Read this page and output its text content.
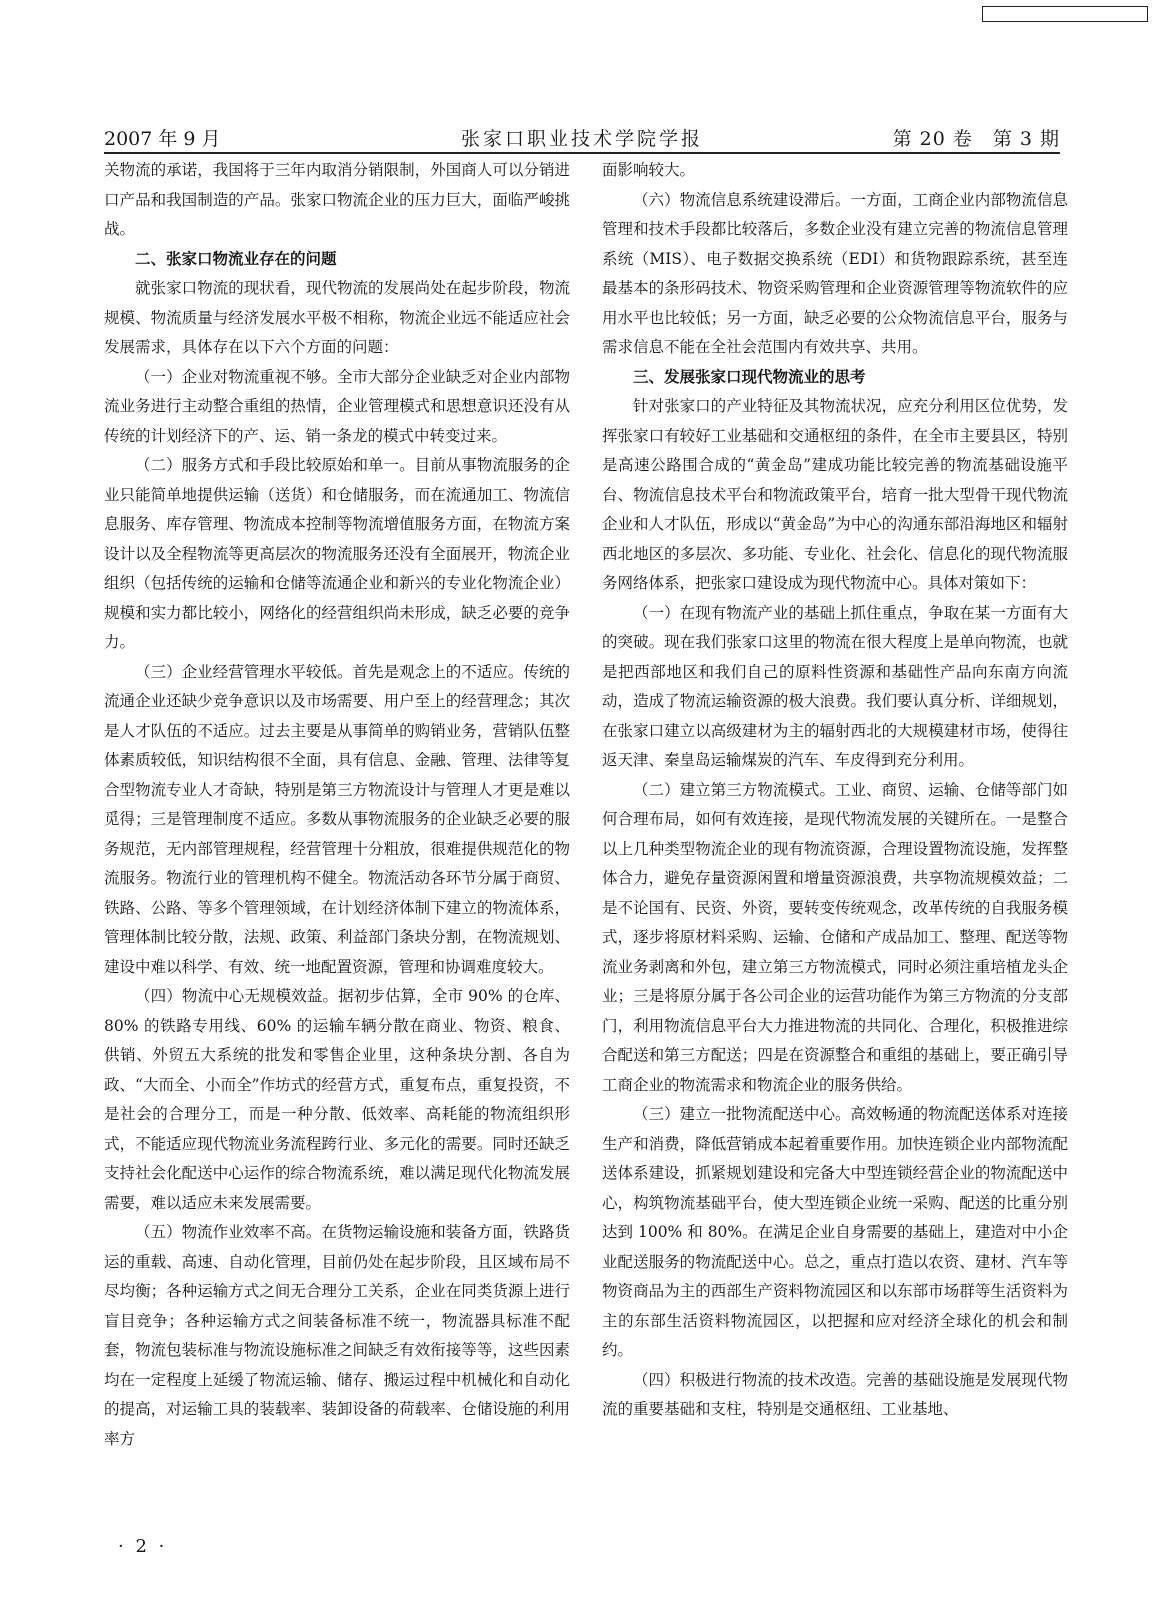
2007 年 9 月	张家口职业技术学院学报	第 20 卷　第 3 期

关物流的承诺，我国将于三年内取消分销限制，外国商人可以分销进口产品和我国制造的产品。张家口物流企业的压力巨大，面临严峻挑战。

二、张家口物流业存在的问题

就张家口物流的现状看，现代物流的发展尚处在起步阶段，物流规模、物流质量与经济发展水平极不相称，物流企业远不能适应社会发展需求，具体存在以下六个方面的问题：

（一）企业对物流重视不够。全市大部分企业缺乏对企业内部物流业务进行主动整合重组的热情，企业管理模式和思想意识还没有从传统的计划经济下的产、运、销一条龙的模式中转变过来。

（二）服务方式和手段比较原始和单一。目前从事物流服务的企业只能简单地提供运输（送货）和仓储服务，而在流通加工、物流信息服务、库存管理、物流成本控制等物流增值服务方面，在物流方案设计以及全程物流等更高层次的物流服务还没有全面展开，物流企业组织（包括传统的运输和仓储等流通企业和新兴的专业化物流企业）规模和实力都比较小，网络化的经营组织尚未形成，缺乏必要的竞争力。

（三）企业经营管理水平较低。首先是观念上的不适应。传统的流通企业还缺少竞争意识以及市场需要、用户至上的经营理念；其次是人才队伍的不适应。过去主要是从事简单的购销业务，营销队伍整体素质较低，知识结构很不全面，具有信息、金融、管理、法律等复合型物流专业人才奇缺，特别是第三方物流设计与管理人才更是难以觅得；三是管理制度不适应。多数从事物流服务的企业缺乏必要的服务规范，无内部管理规程，经营管理十分粗放，很难提供规范化的物流服务。物流行业的管理机构不健全。物流活动各环节分属于商贸、铁路、公路、等多个管理领域，在计划经济体制下建立的物流体系，管理体制比较分散，法规、政策、利益部门条块分割，在物流规划、建设中难以科学、有效、统一地配置资源，管理和协调难度较大。

（四）物流中心无规模效益。据初步估算，全市 90% 的仓库、80% 的铁路专用线、60% 的运输车辆分散在商业、物资、粮食、供销、外贸五大系统的批发和零售企业里，这种条块分割、各自为政、“大而全、小而全”作坊式的经营方式，重复布点，重复投资，不是社会的合理分工，而是一种分散、低效率、高耗能的物流组织形式，不能适应现代物流业务流程跨行业、多元化的需要。同时还缺乏支持社会化配送中心运作的综合物流系统，难以满足现代化物流发展需要，难以适应未来发展需要。

（五）物流作业效率不高。在货物运输设施和装备方面，铁路货运的重载、高速、自动化管理，目前仍处在起步阶段，且区域布局不尽均衡；各种运输方式之间无合理分工关系，企业在同类货源上进行盲目竞争；各种运输方式之间装备标准不统一，物流器具标准不配套，物流包装标准与物流设施标准之间缺乏有效衔接等等，这些因素均在一定程度上延缓了物流运输、储存、搬运过程中机械化和自动化的提高，对运输工具的装载率、装卸设备的荷载率、仓储设施的利用率方

面影响较大。

（六）物流信息系统建设滞后。一方面，工商企业内部物流信息管理和技术手段都比较落后，多数企业没有建立完善的物流信息管理系统（MIS）、电子数据交换系统（EDI）和货物跟踪系统，甚至连最基本的条形码技术、物资采购管理和企业资源管理等物流软件的应用水平也比较低；另一方面，缺乏必要的公众物流信息平台，服务与需求信息不能在全社会范围内有效共享、共用。

三、发展张家口现代物流业的思考

针对张家口的产业特征及其物流状况，应充分利用区位优势，发挥张家口有较好工业基础和交通枢纽的条件，在全市主要县区，特别是高速公路围合成的“黄金岛”建成功能比较完善的物流基础设施平台、物流信息技术平台和物流政策平台，培育一批大型骨干现代物流企业和人才队伍，形成以“黄金岛”为中心的沟通东部沿海地区和辐射西北地区的多层次、多功能、专业化、社会化、信息化的现代物流服务网络体系，把张家口建设成为现代物流中心。具体对策如下：

（一）在现有物流产业的基础上抓住重点，争取在某一方面有大的突破。现在我们张家口这里的物流在很大程度上是单向物流，也就是把西部地区和我们自己的原料性资源和基础性产品向东南方向流动，造成了物流运输资源的极大浪费。我们要认真分析、详细规划，在张家口建立以高级建材为主的辐射西北的大规模建材市场，使得往返天津、秦皇岛运输煤炭的汽车、车皮得到充分利用。

（二）建立第三方物流模式。工业、商贸、运输、仓储等部门如何合理布局，如何有效连接，是现代物流发展的关键所在。一是整合以上几种类型物流企业的现有物流资源，合理设置物流设施，发挥整体合力，避免存量资源闲置和增量资源浪费，共享物流规模效益；二是不论国有、民资、外资，要转变传统观念，改革传统的自我服务模式，逐步将原材料采购、运输、仓储和产成品加工、整理、配送等物流业务剥离和外包，建立第三方物流模式，同时必须注重培植龙头企业；三是将原分属于各公司企业的运营功能作为第三方物流的分支部门，利用物流信息平台大力推进物流的共同化、合理化，积极推进综合配送和第三方配送；四是在资源整合和重组的基础上，要正确引导工商企业的物流需求和物流企业的服务供给。

（三）建立一批物流配送中心。高效畅通的物流配送体系对连接生产和消费，降低营销成本起着重要作用。加快连锁企业内部物流配送体系建设，抓紧规划建设和完备大中型连锁经营企业的物流配送中心，构筑物流基础平台，使大型连锁企业统一采购、配送的比重分别达到 100% 和 80%。在满足企业自身需要的基础上，建造对中小企业配送服务的物流配送中心。总之，重点打造以农资、建材、汽车等物资商品为主的西部生产资料物流园区和以东部市场群等生活资料为主的东部生活资料物流园区，以把握和应对经济全球化的机会和制约。

（四）积极进行物流的技术改造。完善的基础设施是发展现代物流的重要基础和支柱，特别是交通枢纽、工业基地、

· 2 ·
